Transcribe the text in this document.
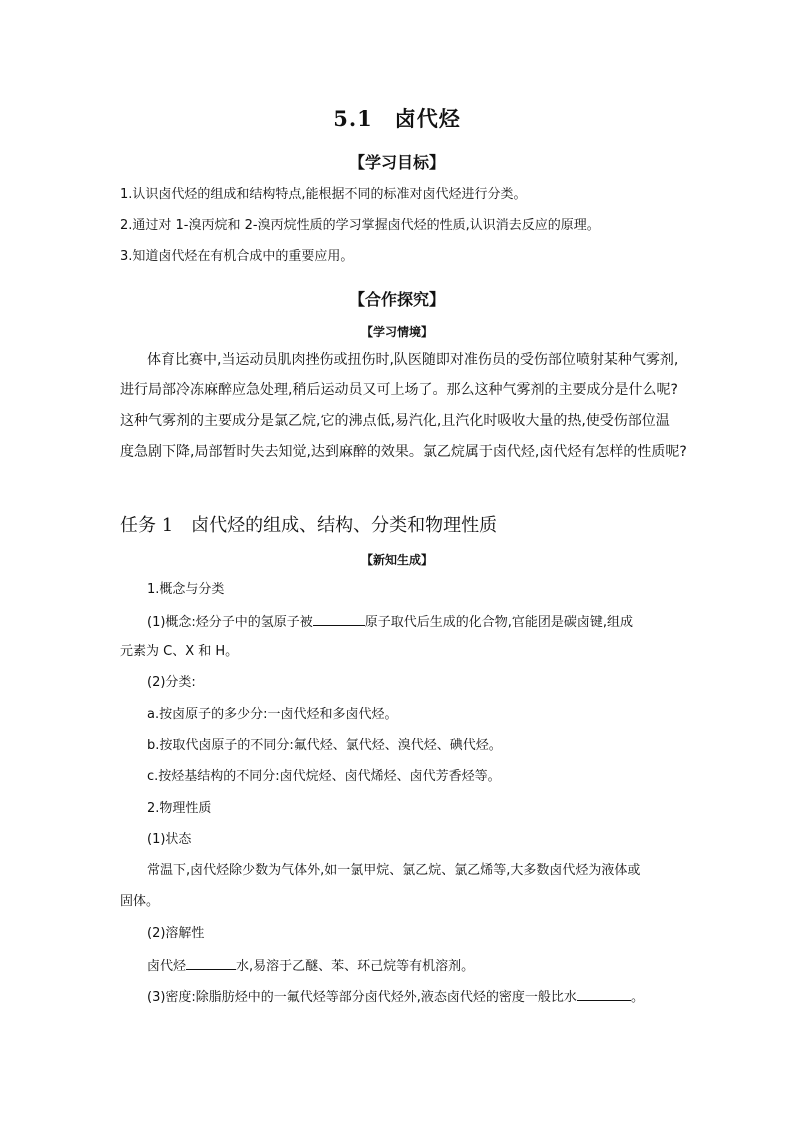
5.1　卤代烃
【学习目标】
1.认识卤代烃的组成和结构特点,能根据不同的标准对卤代烃进行分类。
2.通过对 1-溴丙烷和 2-溴丙烷性质的学习掌握卤代烃的性质,认识消去反应的原理。
3.知道卤代烃在有机合成中的重要应用。
【合作探究】
【学习情境】
体育比赛中,当运动员肌肉挫伤或扭伤时,队医随即对准伤员的受伤部位喷射某种气雾剂,
进行局部冷冻麻醉应急处理,稍后运动员又可上场了。那么这种气雾剂的主要成分是什么呢?
这种气雾剂的主要成分是氯乙烷,它的沸点低,易汽化,且汽化时吸收大量的热,使受伤部位温
度急剧下降,局部暂时失去知觉,达到麻醉的效果。氯乙烷属于卤代烃,卤代烃有怎样的性质呢?
任务 1　卤代烃的组成、结构、分类和物理性质
【新知生成】
1.概念与分类
(1)概念:烃分子中的氢原子被	原子取代后生成的化合物,官能团是碳卤键,组成
元素为 C、X 和 H。
(2)分类:
a.按卤原子的多少分:一卤代烃和多卤代烃。
b.按取代卤原子的不同分:氟代烃、氯代烃、溴代烃、碘代烃。
c.按烃基结构的不同分:卤代烷烃、卤代烯烃、卤代芳香烃等。
2.物理性质
(1)状态
常温下,卤代烃除少数为气体外,如一氯甲烷、氯乙烷、氯乙烯等,大多数卤代烃为液体或
固体。
(2)溶解性
卤代烃	水,易溶于乙醚、苯、环己烷等有机溶剂。
(3)密度:除脂肪烃中的一氟代烃等部分卤代烃外,液态卤代烃的密度一般比水	。
